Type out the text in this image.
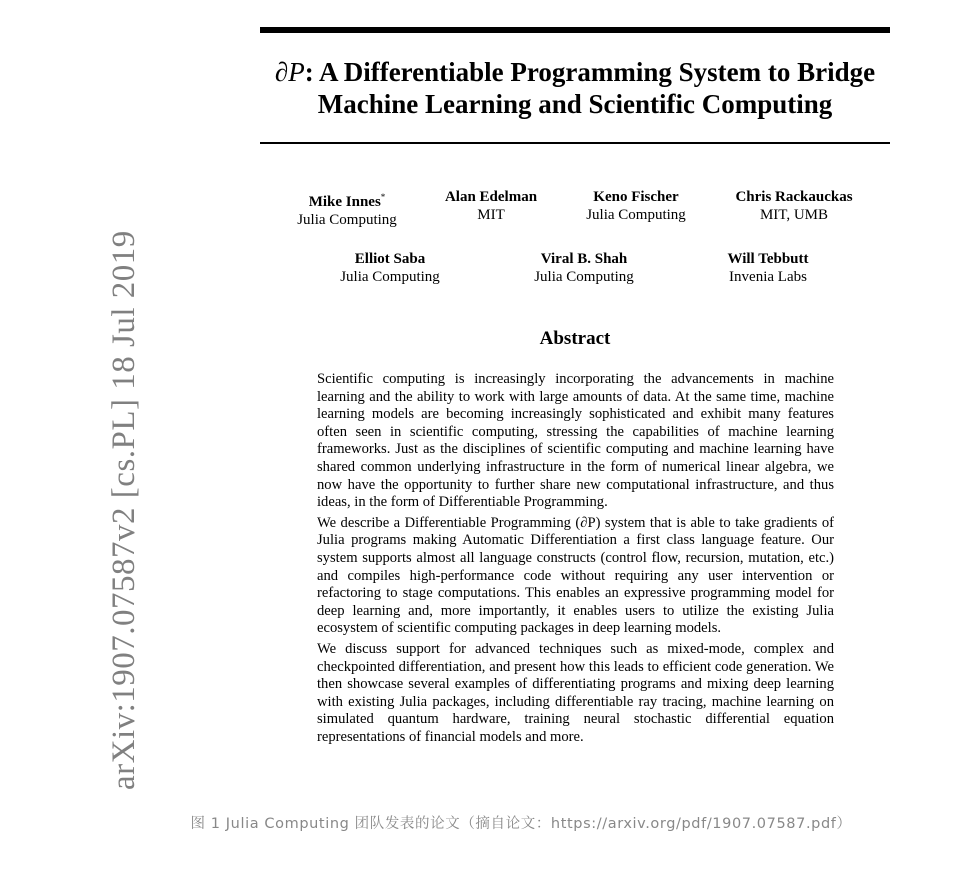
∂P: A Differentiable Programming System to Bridge
Machine Learning and Scientific Computing
Mike Innes*
Julia Computing
Alan Edelman
MIT
Keno Fischer
Julia Computing
Chris Rackauckas
MIT, UMB
Elliot Saba
Julia Computing
Viral B. Shah
Julia Computing
Will Tebbutt
Invenia Labs
Abstract

Scientific computing is increasingly incorporating the advancements in machine learning and the ability to work with large amounts of data. At the same time, machine learning models are becoming increasingly sophisticated and exhibit many features often seen in scientific computing, stressing the capabilities of machine learning frameworks. Just as the disciplines of scientific computing and machine learning have shared common underlying infrastructure in the form of numerical linear algebra, we now have the opportunity to further share new computational infrastructure, and thus ideas, in the form of Differentiable Programming.

We describe a Differentiable Programming (∂P) system that is able to take gradients of Julia programs making Automatic Differentiation a first class language feature. Our system supports almost all language constructs (control flow, recursion, mutation, etc.) and compiles high-performance code without requiring any user intervention or refactoring to stage computations. This enables an expressive programming model for deep learning and, more importantly, it enables users to utilize the existing Julia ecosystem of scientific computing packages in deep learning models.

We discuss support for advanced techniques such as mixed-mode, complex and checkpointed differentiation, and present how this leads to efficient code generation. We then showcase several examples of differentiating programs and mixing deep learning with existing Julia packages, including differentiable ray tracing, machine learning on simulated quantum hardware, training neural stochastic differential equation representations of financial models and more.

arXiv:1907.07587v2 [cs.PL] 18 Jul 2019
图 1 Julia Computing 团队发表的论文（摘自论文：https://arxiv.org/pdf/1907.07587.pdf）
